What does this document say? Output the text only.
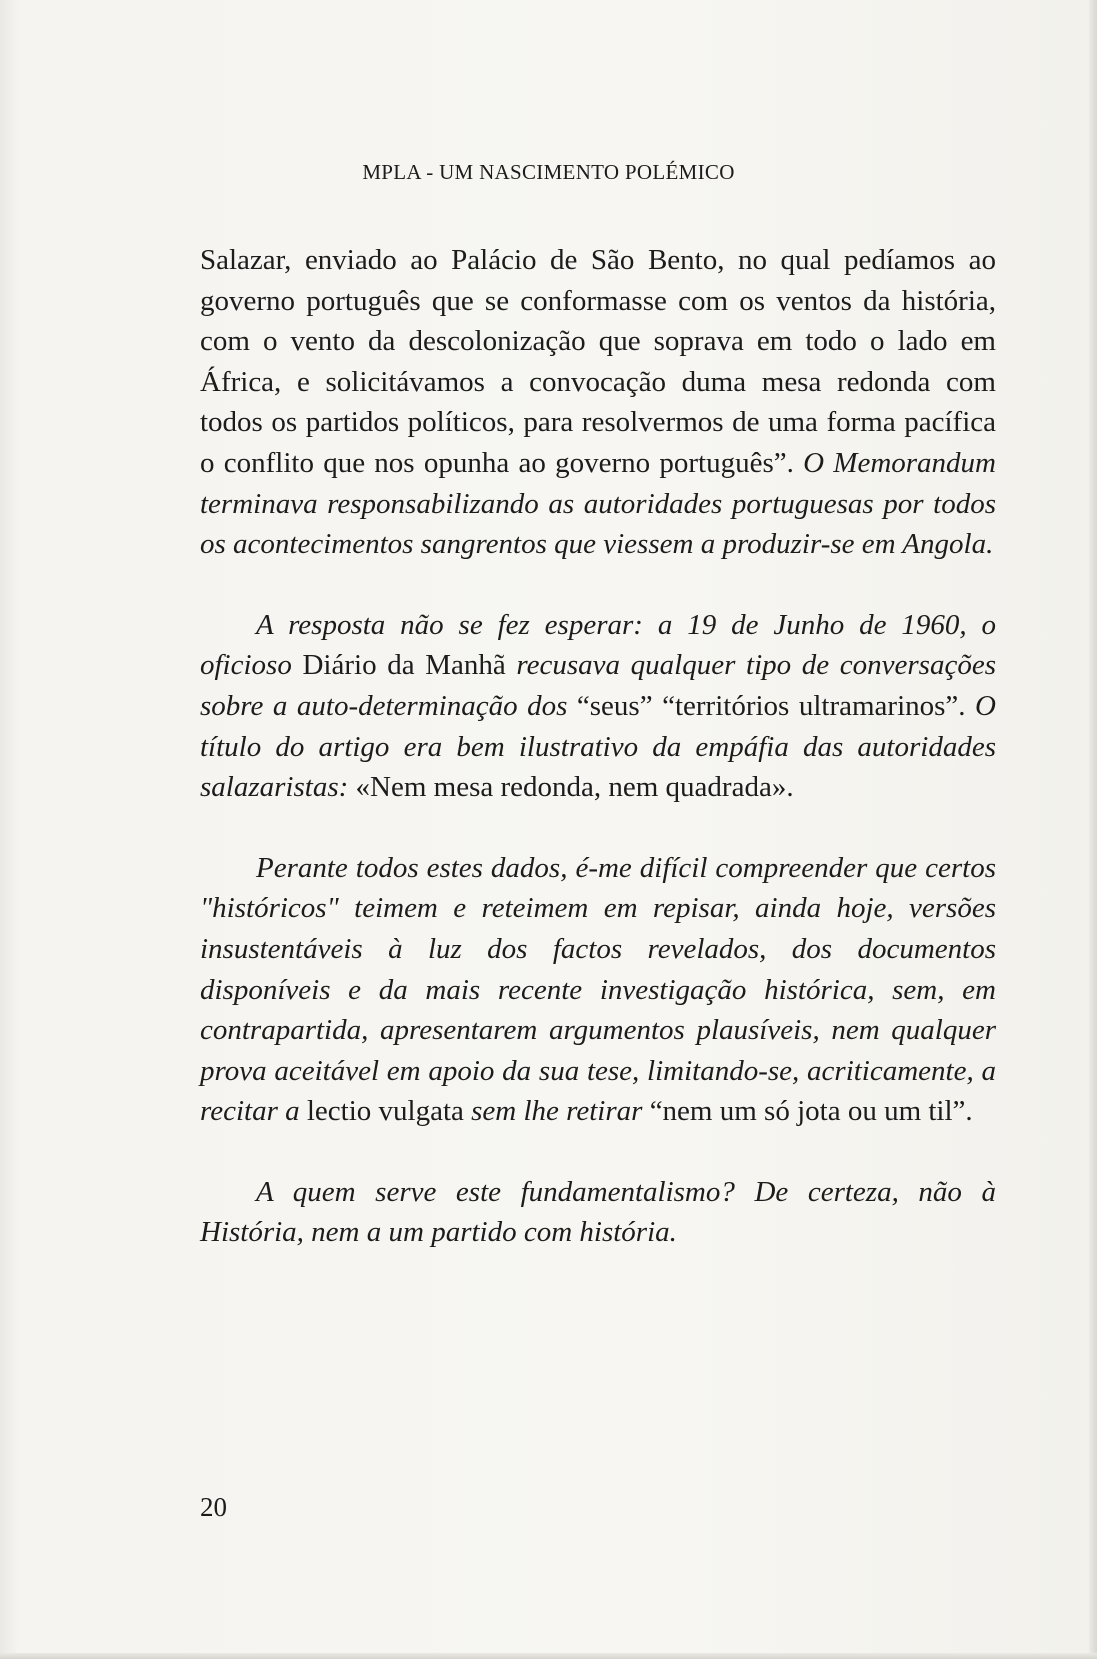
MPLA - UM NASCIMENTO POLÉMICO

Salazar, enviado ao Palácio de São Bento, no qual pedíamos ao governo português que se conformasse com os ventos da história, com o vento da descolonização que soprava em todo o lado em África, e solicitávamos a convocação duma mesa redonda com todos os partidos políticos, para resolvermos de uma forma pacífica o conflito que nos opunha ao governo português”. O Memorandum terminava responsabilizando as autoridades portuguesas por todos os acontecimentos sangrentos que viessem a produzir-se em Angola.

A resposta não se fez esperar: a 19 de Junho de 1960, o oficioso Diário da Manhã recusava qualquer tipo de conversações sobre a auto-determinação dos “seus” “territórios ultramarinos”. O título do artigo era bem ilustrativo da empáfia das autoridades salazaristas: «Nem mesa redonda, nem quadrada».

Perante todos estes dados, é-me difícil compreender que certos "históricos" teimem e reteimem em repisar, ainda hoje, versões insustentáveis à luz dos factos revelados, dos documentos disponíveis e da mais recente investigação histórica, sem, em contrapartida, apresentarem argumentos plausíveis, nem qualquer prova aceitável em apoio da sua tese, limitando-se, acriticamente, a recitar a lectio vulgata sem lhe retirar “nem um só jota ou um til”.

A quem serve este fundamentalismo? De certeza, não à História, nem a um partido com história.

20
